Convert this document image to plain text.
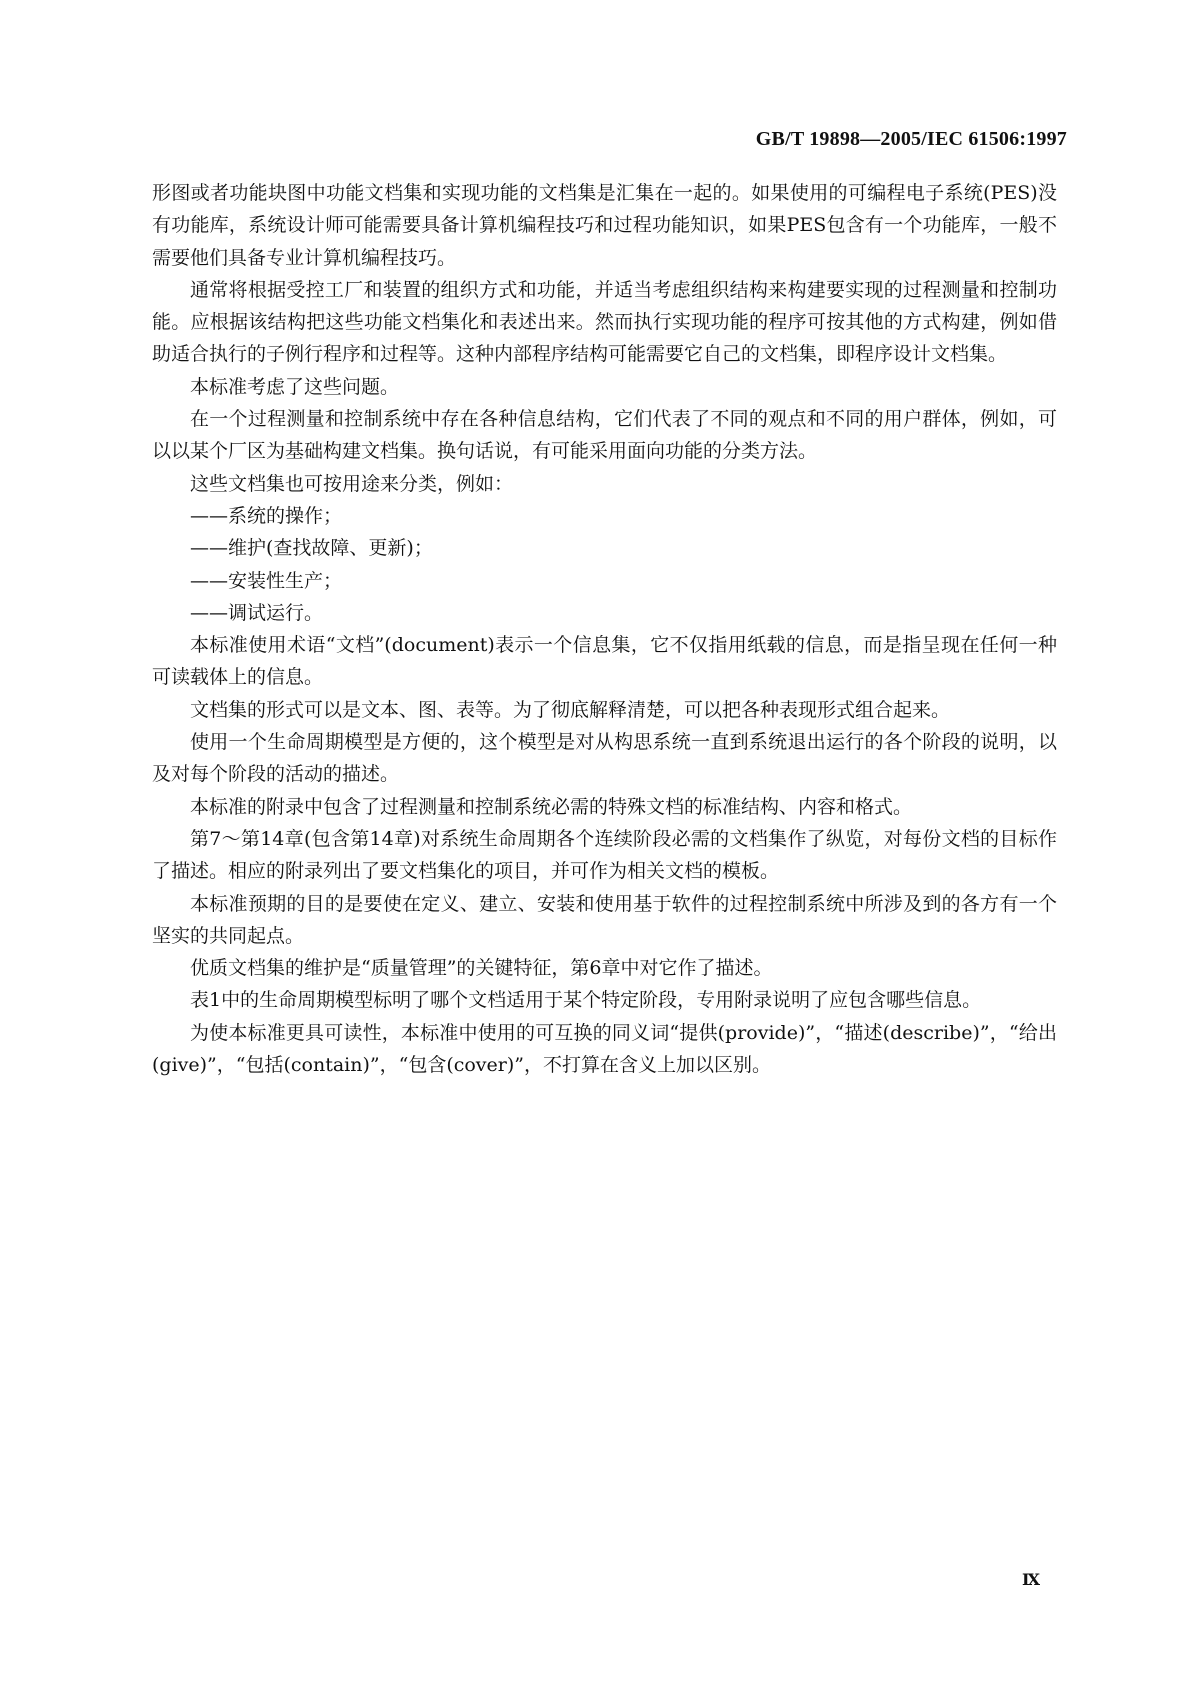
GB/T 19898—2005/IEC 61506:1997

形图或者功能块图中功能文档集和实现功能的文档集是汇集在一起的。如果使用的可编程电子系统(PES)没有功能库，系统设计师可能需要具备计算机编程技巧和过程功能知识，如果PES包含有一个功能库，一般不需要他们具备专业计算机编程技巧。

通常将根据受控工厂和装置的组织方式和功能，并适当考虑组织结构来构建要实现的过程测量和控制功能。应根据该结构把这些功能文档集化和表述出来。然而执行实现功能的程序可按其他的方式构建，例如借助适合执行的子例行程序和过程等。这种内部程序结构可能需要它自己的文档集，即程序设计文档集。

本标准考虑了这些问题。

在一个过程测量和控制系统中存在各种信息结构，它们代表了不同的观点和不同的用户群体，例如，可以以某个厂区为基础构建文档集。换句话说，有可能采用面向功能的分类方法。

这些文档集也可按用途来分类，例如：

——系统的操作；

——维护(查找故障、更新)；

——安装性生产；

——调试运行。

本标准使用术语“文档”(document)表示一个信息集，它不仅指用纸载的信息，而是指呈现在任何一种可读载体上的信息。

文档集的形式可以是文本、图、表等。为了彻底解释清楚，可以把各种表现形式组合起来。

使用一个生命周期模型是方便的，这个模型是对从构思系统一直到系统退出运行的各个阶段的说明，以及对每个阶段的活动的描述。

本标准的附录中包含了过程测量和控制系统必需的特殊文档的标准结构、内容和格式。

第7～第14章(包含第14章)对系统生命周期各个连续阶段必需的文档集作了纵览，对每份文档的目标作了描述。相应的附录列出了要文档集化的项目，并可作为相关文档的模板。

本标准预期的目的是要使在定义、建立、安装和使用基于软件的过程控制系统中所涉及到的各方有一个坚实的共同起点。

优质文档集的维护是“质量管理”的关键特征，第6章中对它作了描述。

表1中的生命周期模型标明了哪个文档适用于某个特定阶段，专用附录说明了应包含哪些信息。

为使本标准更具可读性，本标准中使用的可互换的同义词“提供(provide)”，“描述(describe)”，“给出(give)”，“包括(contain)”，“包含(cover)”，不打算在含义上加以区别。

Ⅸ
